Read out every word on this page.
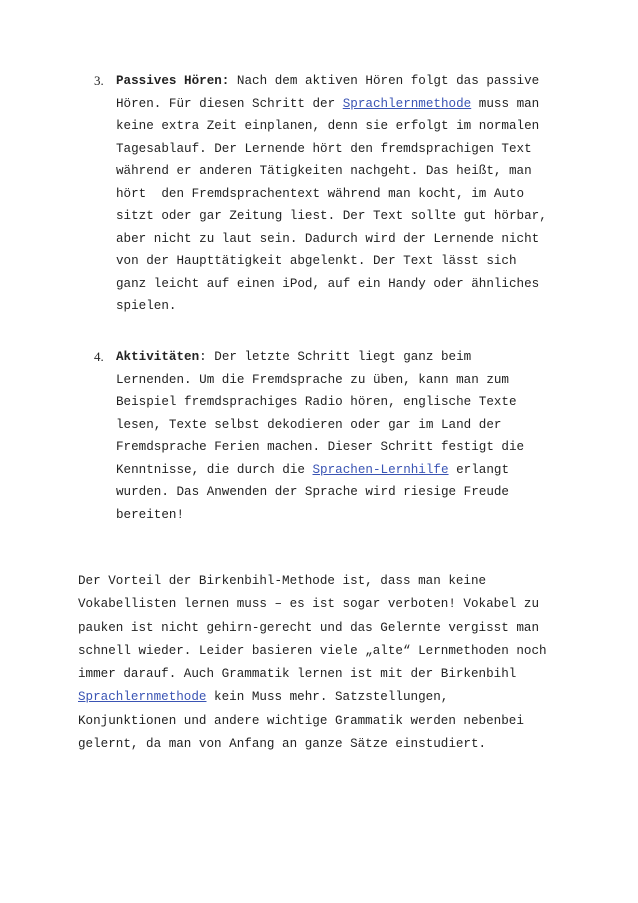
3. Passives Hören: Nach dem aktiven Hören folgt das passive
Hören. Für diesen Schritt der Sprachlernmethode muss man
keine extra Zeit einplanen, denn sie erfolgt im normalen
Tagesablauf. Der Lernende hört den fremdsprachigen Text
während er anderen Tätigkeiten nachgeht. Das heißt, man
hört  den Fremdsprachentext während man kocht, im Auto
sitzt oder gar Zeitung liest. Der Text sollte gut hörbar,
aber nicht zu laut sein. Dadurch wird der Lernende nicht
von der Haupttätigkeit abgelenkt. Der Text lässt sich
ganz leicht auf einen iPod, auf ein Handy oder ähnliches
spielen.
4. Aktivitäten: Der letzte Schritt liegt ganz beim
Lernenden. Um die Fremdsprache zu üben, kann man zum
Beispiel fremdsprachiges Radio hören, englische Texte
lesen, Texte selbst dekodieren oder gar im Land der
Fremdsprache Ferien machen. Dieser Schritt festigt die
Kenntnisse, die durch die Sprachen-Lernhilfe erlangt
wurden. Das Anwenden der Sprache wird riesige Freude
bereiten!
Der Vorteil der Birkenbihl-Methode ist, dass man keine
Vokabellisten lernen muss – es ist sogar verboten! Vokabel zu
pauken ist nicht gehirn-gerecht und das Gelernte vergisst man
schnell wieder. Leider basieren viele „alte“ Lernmethoden noch
immer darauf. Auch Grammatik lernen ist mit der Birkenbihl
Sprachlernmethode kein Muss mehr. Satzstellungen,
Konjunktionen und andere wichtige Grammatik werden nebenbei
gelernt, da man von Anfang an ganze Sätze einstudiert.
